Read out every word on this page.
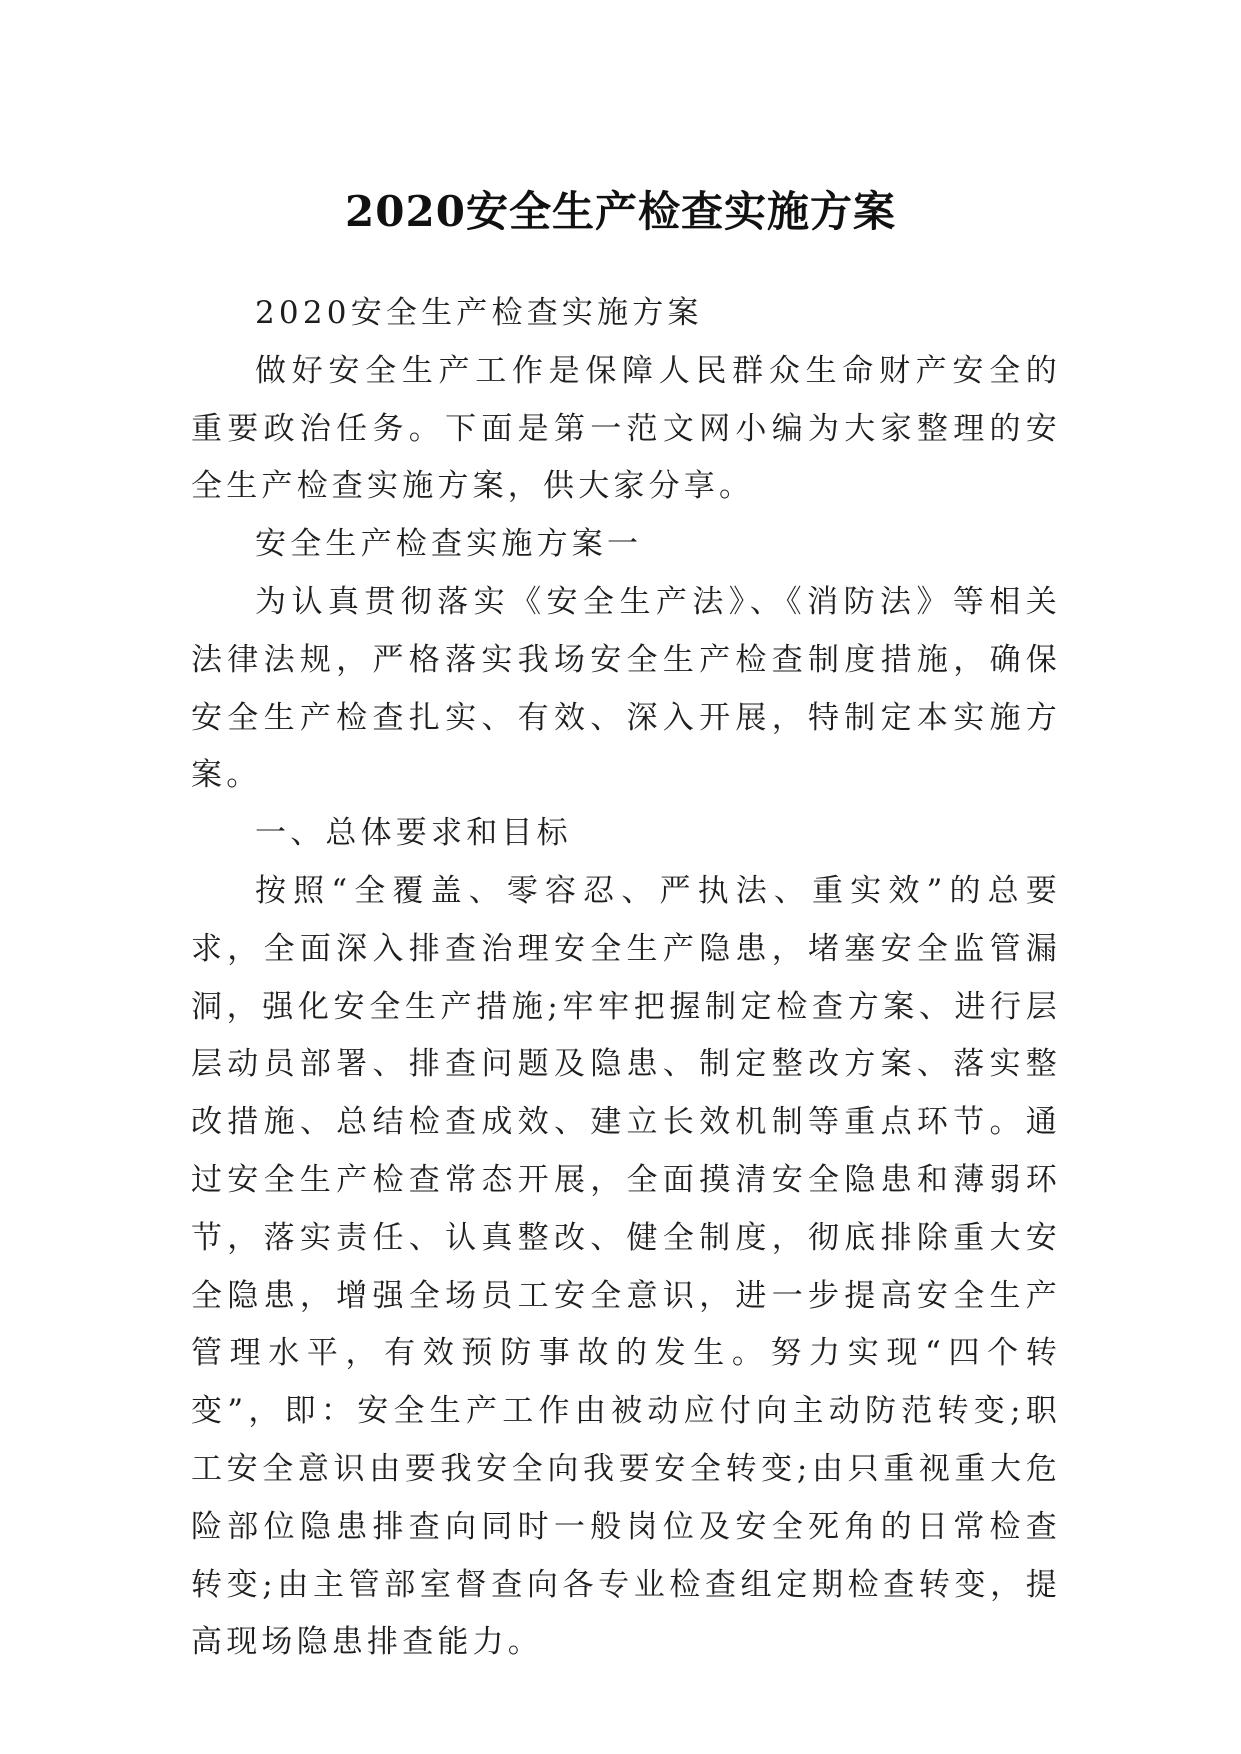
2020安全生产检查实施方案

2020安全生产检查实施方案

做好安全生产工作是保障人民群众生命财产安全的重要政治任务。下面是第一范文网小编为大家整理的安全生产检查实施方案，供大家分享。

安全生产检查实施方案一

为认真贯彻落实《安全生产法》、《消防法》等相关法律法规，严格落实我场安全生产检查制度措施，确保安全生产检查扎实、有效、深入开展，特制定本实施方案。

一、总体要求和目标

按照“全覆盖、零容忍、严执法、重实效”的总要求，全面深入排查治理安全生产隐患，堵塞安全监管漏洞，强化安全生产措施;牢牢把握制定检查方案、进行层层动员部署、排查问题及隐患、制定整改方案、落实整改措施、总结检查成效、建立长效机制等重点环节。通过安全生产检查常态开展，全面摸清安全隐患和薄弱环节，落实责任、认真整改、健全制度，彻底排除重大安全隐患，增强全场员工安全意识，进一步提高安全生产管理水平，有效预防事故的发生。努力实现“四个转变”，即：安全生产工作由被动应付向主动防范转变;职工安全意识由要我安全向我要安全转变;由只重视重大危险部位隐患排查向同时一般岗位及安全死角的日常检查转变;由主管部室督查向各专业检查组定期检查转变，提高现场隐患排查能力。
